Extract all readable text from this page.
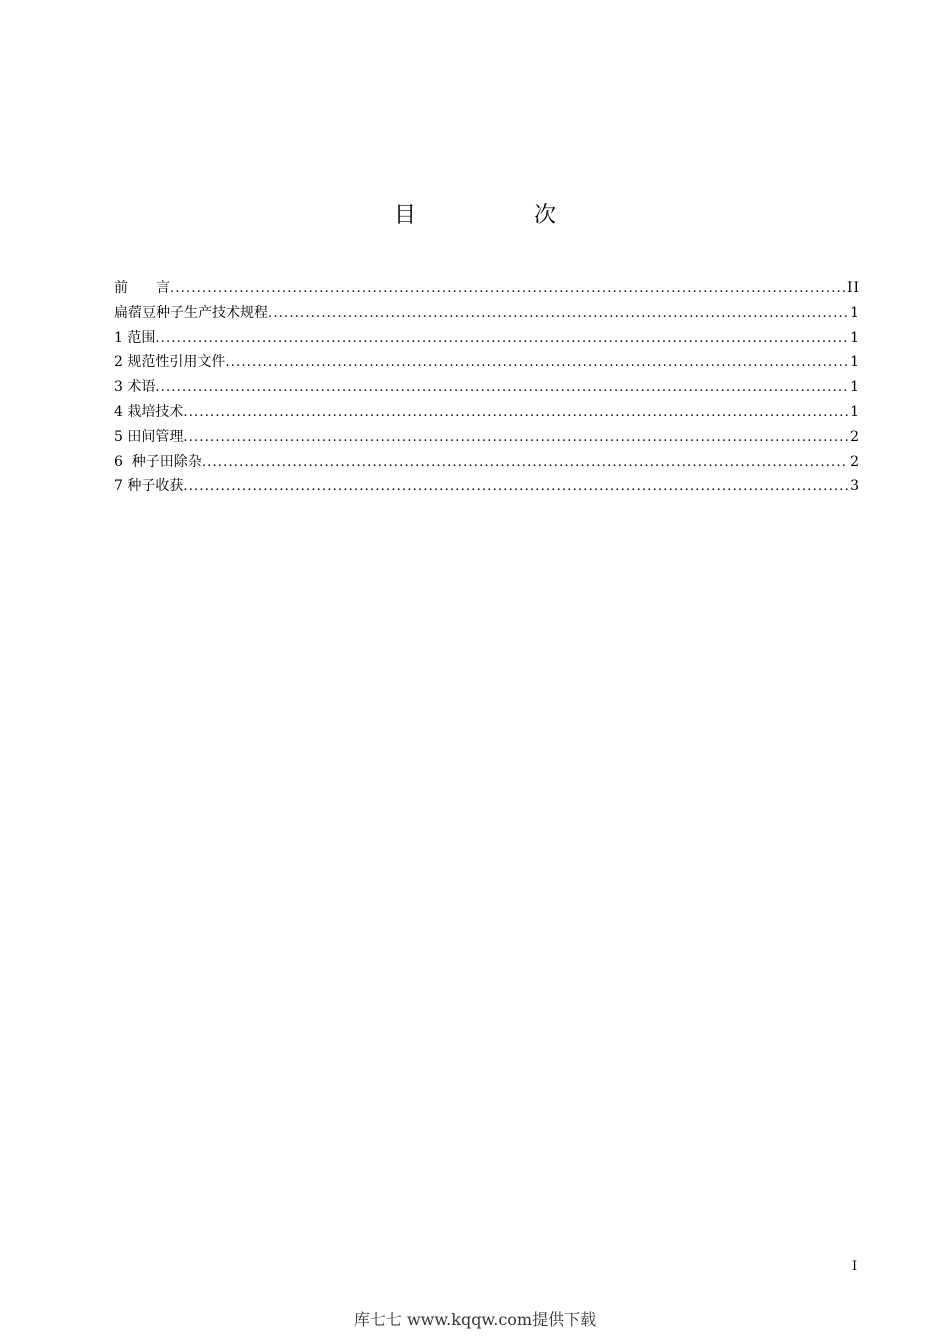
目　次
前　　言 .....	II
扁蓿豆种子生产技术规程 .....	1
1 范围 .....	1
2 规范性引用文件 .....	1
3 术语 .....	1
4 栽培技术 .....	1
5 田间管理 .....	2
6  种子田除杂 .....	2
7 种子收获 .....	3
I
库七七 www.kqqw.com提供下载
